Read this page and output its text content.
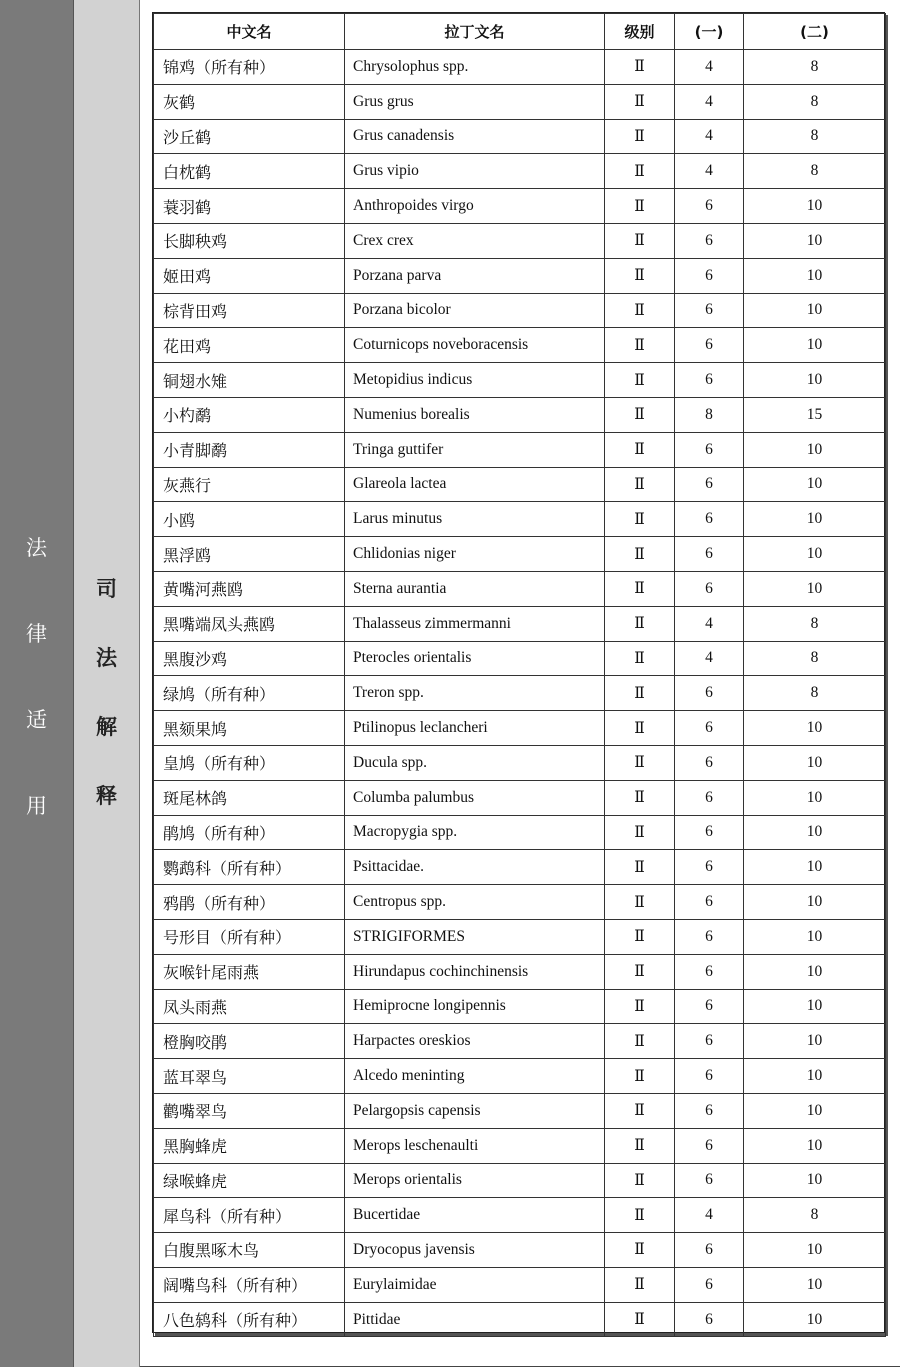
法
律
适
用
司
法
解
释
中文名	拉丁文名	级别	(一)	(二)
锦鸡（所有种）	Chrysolophus spp.	Ⅱ	4	8
灰鹤	Grus grus	Ⅱ	4	8
沙丘鹤	Grus canadensis	Ⅱ	4	8
白枕鹤	Grus vipio	Ⅱ	4	8
蓑羽鹤	Anthropoides virgo	Ⅱ	6	10
长脚秧鸡	Crex crex	Ⅱ	6	10
姬田鸡	Porzana parva	Ⅱ	6	10
棕背田鸡	Porzana bicolor	Ⅱ	6	10
花田鸡	Coturnicops noveboracensis	Ⅱ	6	10
铜翅水雉	Metopidius indicus	Ⅱ	6	10
小杓鹬	Numenius borealis	Ⅱ	8	15
小青脚鹬	Tringa guttifer	Ⅱ	6	10
灰燕行	Glareola lactea	Ⅱ	6	10
小鸥	Larus minutus	Ⅱ	6	10
黑浮鸥	Chlidonias niger	Ⅱ	6	10
黄嘴河燕鸥	Sterna aurantia	Ⅱ	6	10
黑嘴端凤头燕鸥	Thalasseus zimmermanni	Ⅱ	4	8
黑腹沙鸡	Pterocles orientalis	Ⅱ	4	8
绿鸠（所有种）	Treron spp.	Ⅱ	6	8
黑颏果鸠	Ptilinopus leclancheri	Ⅱ	6	10
皇鸠（所有种）	Ducula spp.	Ⅱ	6	10
斑尾林鸽	Columba palumbus	Ⅱ	6	10
鹃鸠（所有种）	Macropygia spp.	Ⅱ	6	10
鹦鹉科（所有种）	Psittacidae.	Ⅱ	6	10
鸦鹃（所有种）	Centropus spp.	Ⅱ	6	10
号形目（所有种）	STRIGIFORMES	Ⅱ	6	10
灰喉针尾雨燕	Hirundapus cochinchinensis	Ⅱ	6	10
凤头雨燕	Hemiprocne longipennis	Ⅱ	6	10
橙胸咬鹃	Harpactes oreskios	Ⅱ	6	10
蓝耳翠鸟	Alcedo meninting	Ⅱ	6	10
鹳嘴翠鸟	Pelargopsis capensis	Ⅱ	6	10
黑胸蜂虎	Merops leschenaulti	Ⅱ	6	10
绿喉蜂虎	Merops orientalis	Ⅱ	6	10
犀鸟科（所有种）	Bucertidae	Ⅱ	4	8
白腹黑啄木鸟	Dryocopus javensis	Ⅱ	6	10
阔嘴鸟科（所有种）	Eurylaimidae	Ⅱ	6	10
八色鸫科（所有种）	Pittidae	Ⅱ	6	10
